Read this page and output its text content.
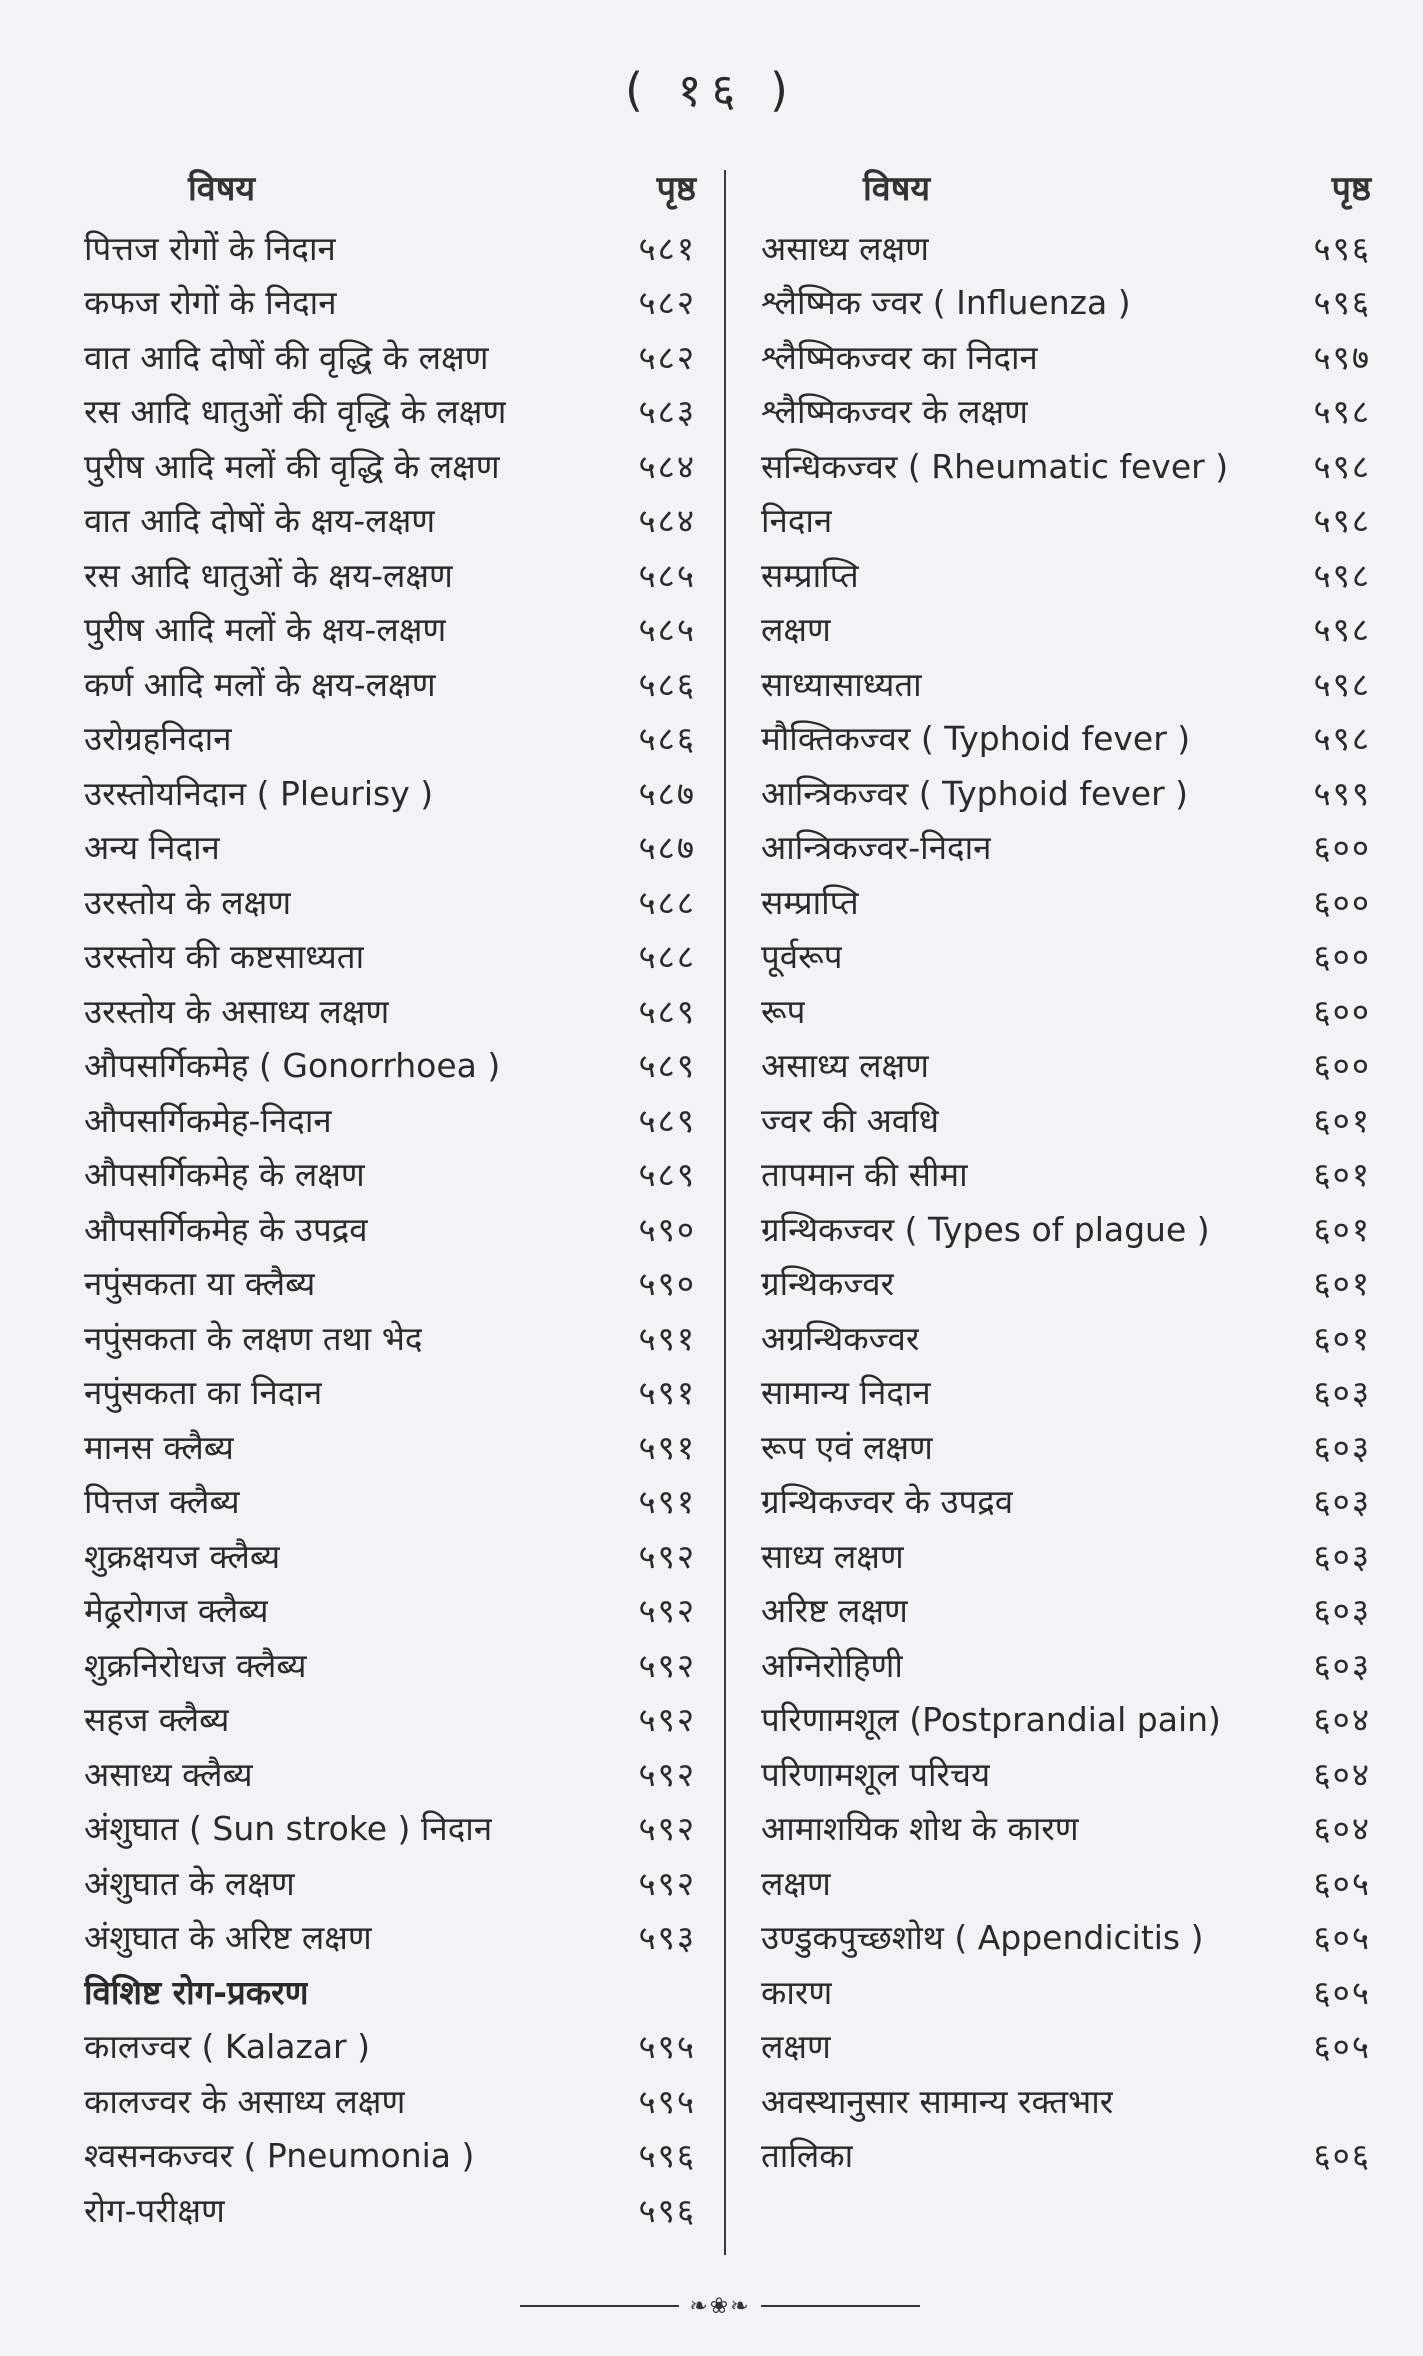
( १६ )
विषय	पृष्ठ
पित्तज रोगों के निदान	५८१
कफज रोगों के निदान	५८२
वात आदि दोषों की वृद्धि के लक्षण	५८२
रस आदि धातुओं की वृद्धि के लक्षण	५८३
पुरीष आदि मलों की वृद्धि के लक्षण	५८४
वात आदि दोषों के क्षय-लक्षण	५८४
रस आदि धातुओं के क्षय-लक्षण	५८५
पुरीष आदि मलों के क्षय-लक्षण	५८५
कर्ण आदि मलों के क्षय-लक्षण	५८६
उरोग्रहनिदान	५८६
उरस्तोयनिदान ( Pleurisy )	५८७
अन्य निदान	५८७
उरस्तोय के लक्षण	५८८
उरस्तोय की कष्टसाध्यता	५८८
उरस्तोय के असाध्य लक्षण	५८९
औपसर्गिकमेह ( Gonorrhoea )	५८९
औपसर्गिकमेह-निदान	५८९
औपसर्गिकमेह के लक्षण	५८९
औपसर्गिकमेह के उपद्रव	५९०
नपुंसकता या क्लैब्य	५९०
नपुंसकता के लक्षण तथा भेद	५९१
नपुंसकता का निदान	५९१
मानस क्लैब्य	५९१
पित्तज क्लैब्य	५९१
शुक्रक्षयज क्लैब्य	५९२
मेढ्ररोगज क्लैब्य	५९२
शुक्रनिरोधज क्लैब्य	५९२
सहज क्लैब्य	५९२
असाध्य क्लैब्य	५९२
अंशुघात ( Sun stroke ) निदान	५९२
अंशुघात के लक्षण	५९२
अंशुघात के अरिष्ट लक्षण	५९३
विशिष्ट रोग-प्रकरण
कालज्वर ( Kalazar )	५९५
कालज्वर के असाध्य लक्षण	५९५
श्वसनकज्वर ( Pneumonia )	५९६
रोग-परीक्षण	५९६
विषय	पृष्ठ
असाध्य लक्षण	५९६
श्लैष्मिक ज्वर ( Influenza )	५९६
श्लैष्मिकज्वर का निदान	५९७
श्लैष्मिकज्वर के लक्षण	५९८
सन्धिकज्वर ( Rheumatic fever )	५९८
निदान	५९८
सम्प्राप्ति	५९८
लक्षण	५९८
साध्यासाध्यता	५९८
मौक्तिकज्वर ( Typhoid fever )	५९८
आन्त्रिकज्वर ( Typhoid fever )	५९९
आन्त्रिकज्वर-निदान	६००
सम्प्राप्ति	६००
पूर्वरूप	६००
रूप	६००
असाध्य लक्षण	६००
ज्वर की अवधि	६०१
तापमान की सीमा	६०१
ग्रन्थिकज्वर ( Types of plague )	६०१
ग्रन्थिकज्वर	६०१
अग्रन्थिकज्वर	६०१
सामान्य निदान	६०३
रूप एवं लक्षण	६०३
ग्रन्थिकज्वर के उपद्रव	६०३
साध्य लक्षण	६०३
अरिष्ट लक्षण	६०३
अग्निरोहिणी	६०३
परिणामशूल (Postprandial pain)	६०४
परिणामशूल परिचय	६०४
आमाशयिक शोथ के कारण	६०४
लक्षण	६०५
उण्डुकपुच्छशोथ ( Appendicitis )	६०५
कारण	६०५
लक्षण	६०५
अवस्थानुसार सामान्य रक्तभार
तालिका	६०६
❧❀❧
